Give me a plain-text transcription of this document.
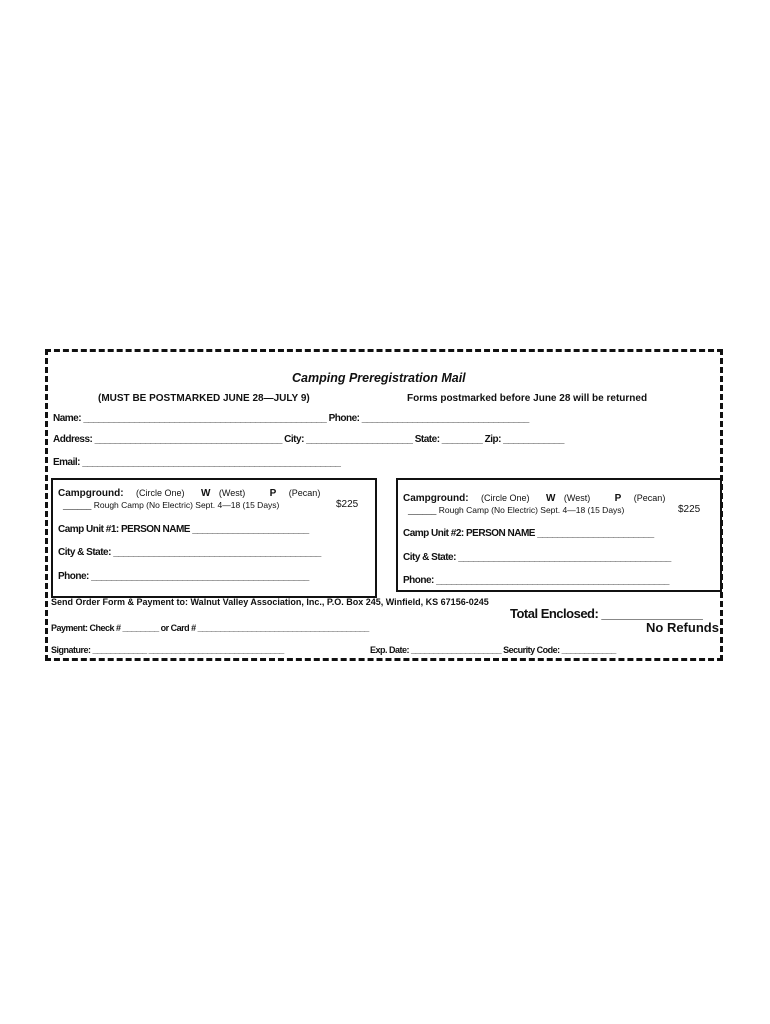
Camping Preregistration Mail
(MUST BE POSTMARKED JUNE 28—JULY 9)	Forms postmarked before June 28 will be returned
Name: ________________________________________________ Phone: _________________________________
Address: _____________________________________ City: _____________________ State: ________ Zip: ____________
Email: ___________________________________________________
Campground: (Circle One) W (West) P (Pecan)
______ Rough Camp (No Electric) Sept. 4—18 (15 Days)	$225
Camp Unit #1: PERSON NAME _______________________
City & State: _________________________________________
Phone: ___________________________________________
Campground: (Circle One) W (West) P (Pecan)
______ Rough Camp (No Electric) Sept. 4—18 (15 Days)	$225
Camp Unit #2: PERSON NAME _______________________
City & State: __________________________________________
Phone: ______________________________________________
Send Order Form & Payment to: Walnut Valley Association, Inc., P.O. Box 245, Winfield, KS 67156-0245
Total Enclosed: _______________
Payment: Check # ________ or Card # ______________________________________	No Refunds
Signature: ____________ ______________________________	Exp. Date: ____________________ Security Code: ____________
